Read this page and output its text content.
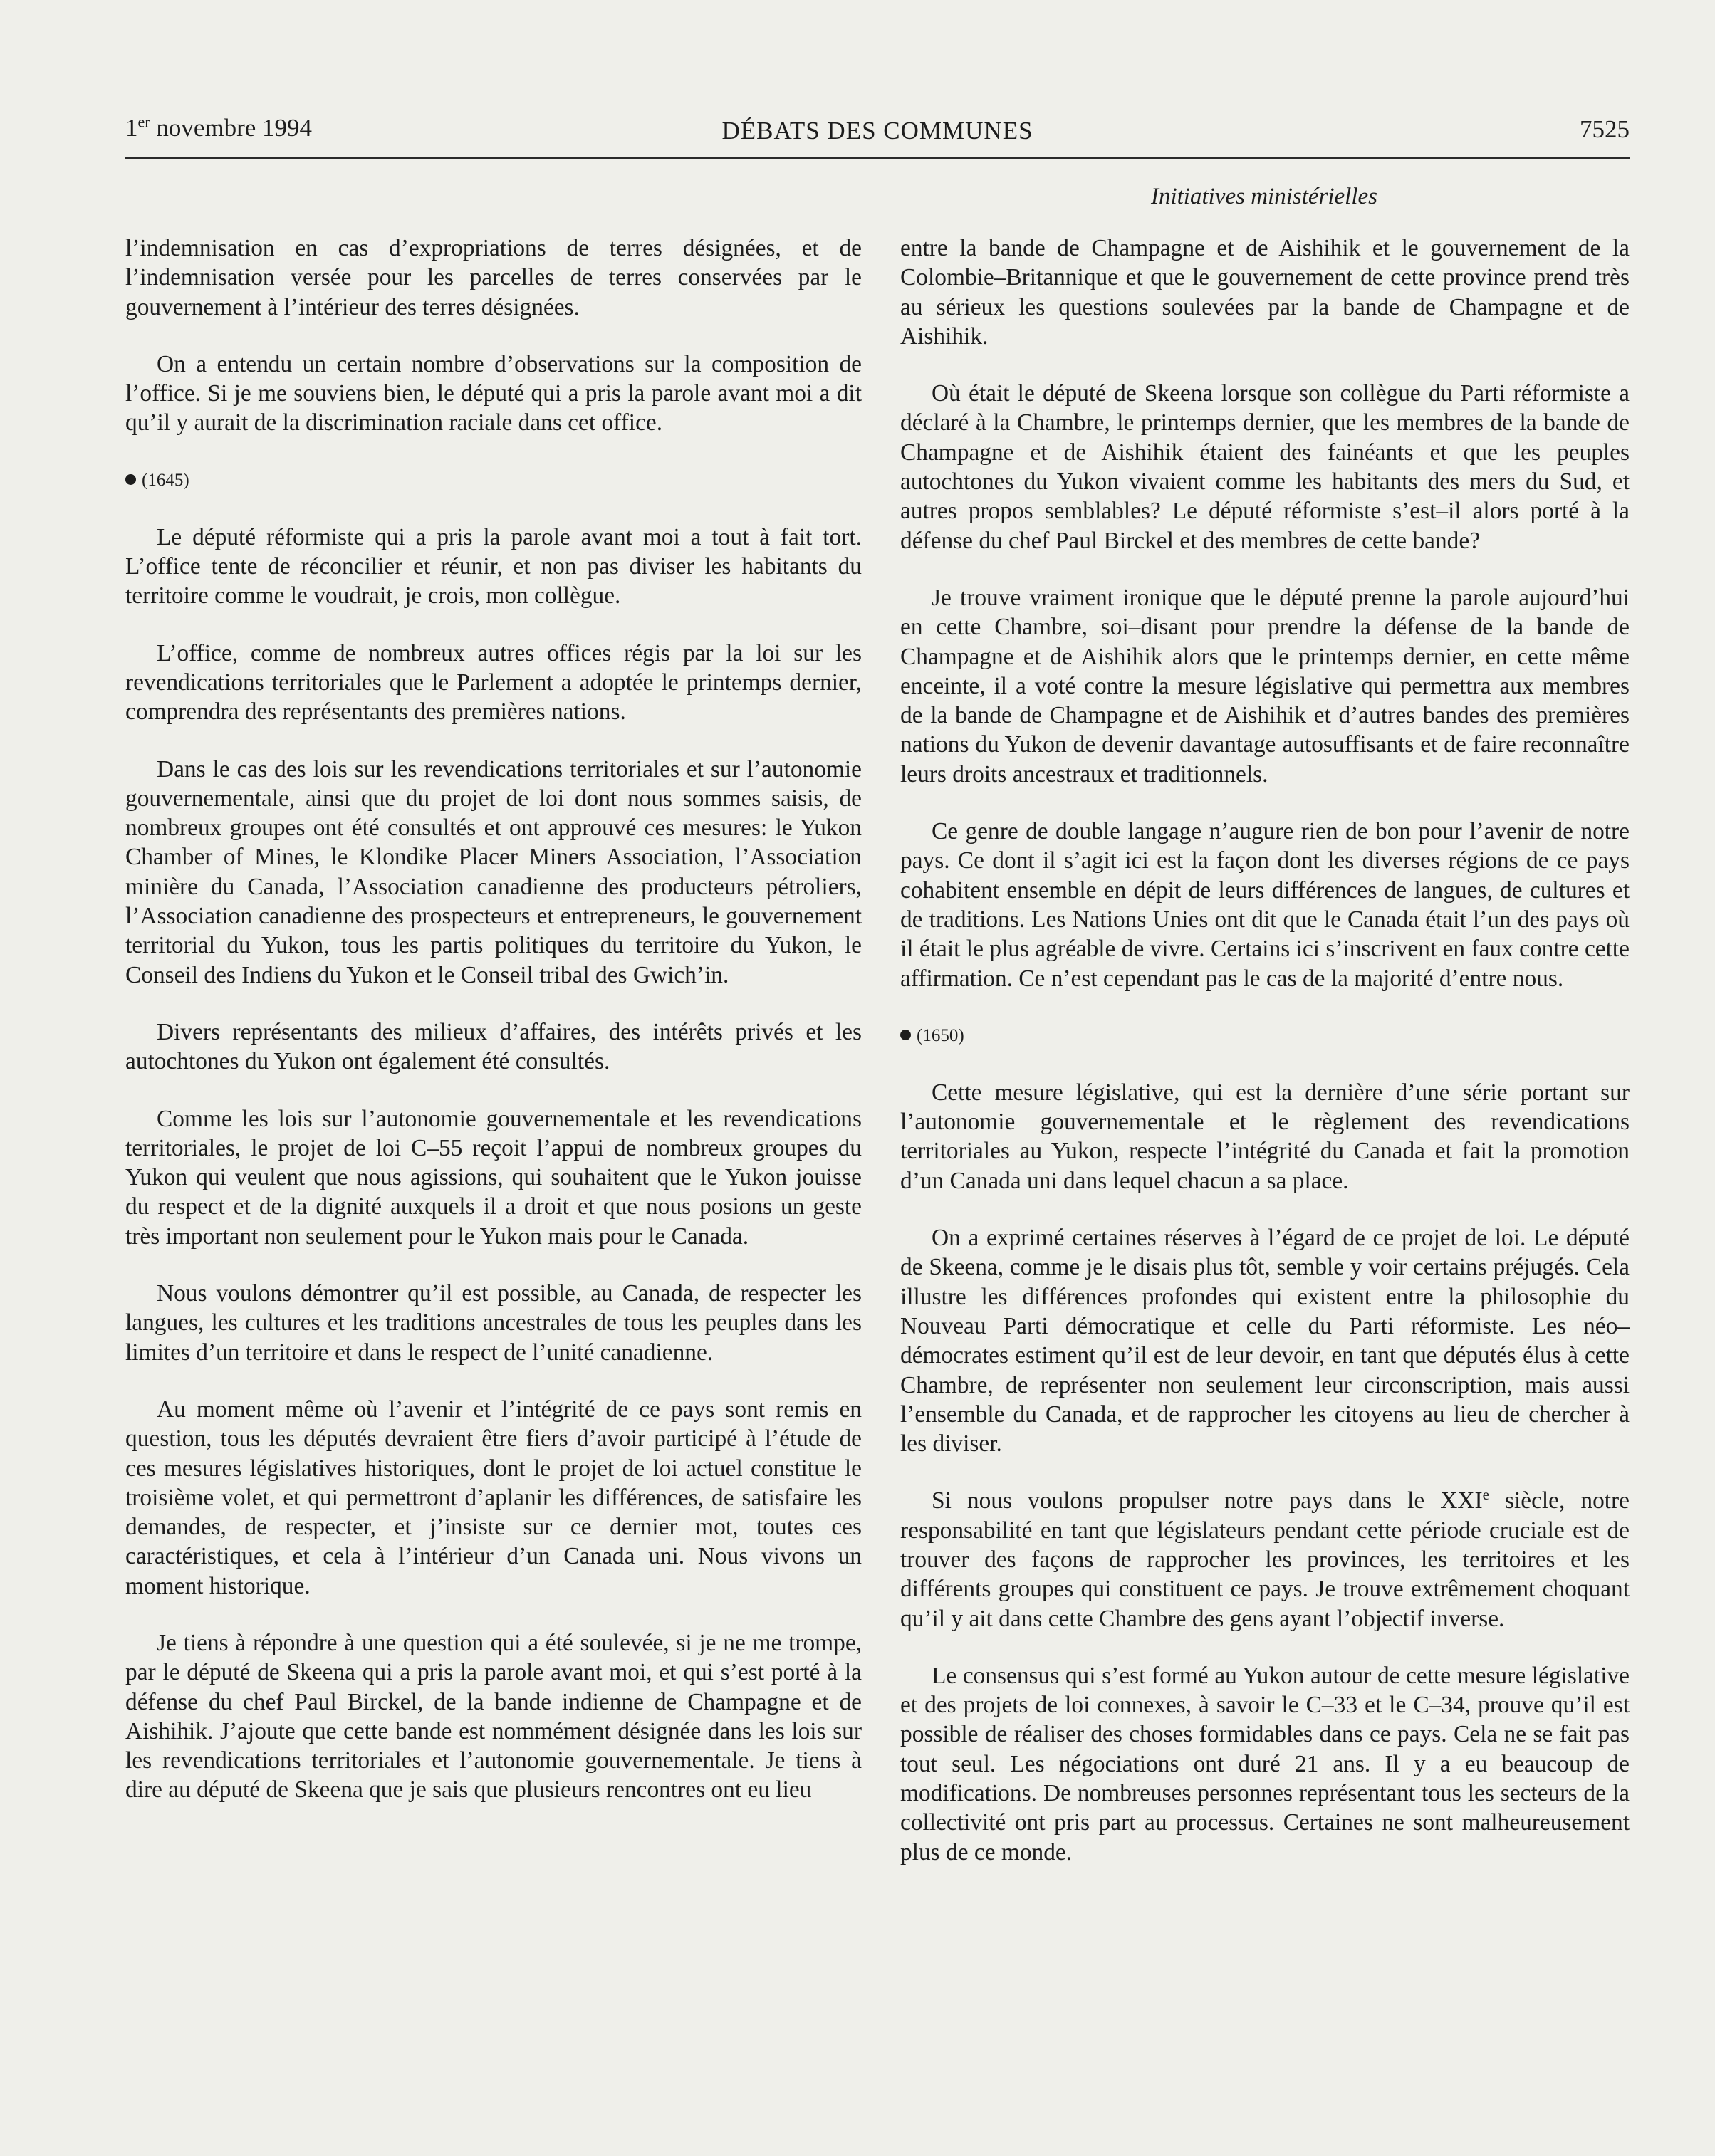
1er novembre 1994	DÉBATS DES COMMUNES	7525
Initiatives ministérielles

l’indemnisation en cas d’expropriations de terres désignées, et de l’indemnisation versée pour les parcelles de terres conservées par le gouvernement à l’intérieur des terres désignées.

On a entendu un certain nombre d’observations sur la composition de l’office. Si je me souviens bien, le député qui a pris la parole avant moi a dit qu’il y aurait de la discrimination raciale dans cet office.

(1645)

Le député réformiste qui a pris la parole avant moi a tout à fait tort. L’office tente de réconcilier et réunir, et non pas diviser les habitants du territoire comme le voudrait, je crois, mon collègue.

L’office, comme de nombreux autres offices régis par la loi sur les revendications territoriales que le Parlement a adoptée le printemps dernier, comprendra des représentants des premières nations.

Dans le cas des lois sur les revendications territoriales et sur l’autonomie gouvernementale, ainsi que du projet de loi dont nous sommes saisis, de nombreux groupes ont été consultés et ont approuvé ces mesures: le Yukon Chamber of Mines, le Klondike Placer Miners Association, l’Association minière du Canada, l’Association canadienne des producteurs pétroliers, l’Association canadienne des prospecteurs et entrepreneurs, le gouvernement territorial du Yukon, tous les partis politiques du territoire du Yukon, le Conseil des Indiens du Yukon et le Conseil tribal des Gwich’in.

Divers représentants des milieux d’affaires, des intérêts privés et les autochtones du Yukon ont également été consultés.

Comme les lois sur l’autonomie gouvernementale et les revendications territoriales, le projet de loi C–55 reçoit l’appui de nombreux groupes du Yukon qui veulent que nous agissions, qui souhaitent que le Yukon jouisse du respect et de la dignité auxquels il a droit et que nous posions un geste très important non seulement pour le Yukon mais pour le Canada.

Nous voulons démontrer qu’il est possible, au Canada, de respecter les langues, les cultures et les traditions ancestrales de tous les peuples dans les limites d’un territoire et dans le respect de l’unité canadienne.

Au moment même où l’avenir et l’intégrité de ce pays sont remis en question, tous les députés devraient être fiers d’avoir participé à l’étude de ces mesures législatives historiques, dont le projet de loi actuel constitue le troisième volet, et qui permettront d’aplanir les différences, de satisfaire les demandes, de respecter, et j’insiste sur ce dernier mot, toutes ces caractéristiques, et cela à l’intérieur d’un Canada uni. Nous vivons un moment historique.

Je tiens à répondre à une question qui a été soulevée, si je ne me trompe, par le député de Skeena qui a pris la parole avant moi, et qui s’est porté à la défense du chef Paul Birckel, de la bande indienne de Champagne et de Aishihik. J’ajoute que cette bande est nommément désignée dans les lois sur les revendications territoriales et l’autonomie gouvernementale. Je tiens à dire au député de Skeena que je sais que plusieurs rencontres ont eu lieu

entre la bande de Champagne et de Aishihik et le gouvernement de la Colombie–Britannique et que le gouvernement de cette province prend très au sérieux les questions soulevées par la bande de Champagne et de Aishihik.

Où était le député de Skeena lorsque son collègue du Parti réformiste a déclaré à la Chambre, le printemps dernier, que les membres de la bande de Champagne et de Aishihik étaient des fainéants et que les peuples autochtones du Yukon vivaient comme les habitants des mers du Sud, et autres propos semblables? Le député réformiste s’est–il alors porté à la défense du chef Paul Birckel et des membres de cette bande?

Je trouve vraiment ironique que le député prenne la parole aujourd’hui en cette Chambre, soi–disant pour prendre la défense de la bande de Champagne et de Aishihik alors que le printemps dernier, en cette même enceinte, il a voté contre la mesure législative qui permettra aux membres de la bande de Champagne et de Aishihik et d’autres bandes des premières nations du Yukon de devenir davantage autosuffisants et de faire reconnaître leurs droits ancestraux et traditionnels.

Ce genre de double langage n’augure rien de bon pour l’avenir de notre pays. Ce dont il s’agit ici est la façon dont les diverses régions de ce pays cohabitent ensemble en dépit de leurs différences de langues, de cultures et de traditions. Les Nations Unies ont dit que le Canada était l’un des pays où il était le plus agréable de vivre. Certains ici s’inscrivent en faux contre cette affirmation. Ce n’est cependant pas le cas de la majorité d’entre nous.

(1650)

Cette mesure législative, qui est la dernière d’une série portant sur l’autonomie gouvernementale et le règlement des revendications territoriales au Yukon, respecte l’intégrité du Canada et fait la promotion d’un Canada uni dans lequel chacun a sa place.

On a exprimé certaines réserves à l’égard de ce projet de loi. Le député de Skeena, comme je le disais plus tôt, semble y voir certains préjugés. Cela illustre les différences profondes qui existent entre la philosophie du Nouveau Parti démocratique et celle du Parti réformiste. Les néo–démocrates estiment qu’il est de leur devoir, en tant que députés élus à cette Chambre, de représenter non seulement leur circonscription, mais aussi l’ensemble du Canada, et de rapprocher les citoyens au lieu de chercher à les diviser.

Si nous voulons propulser notre pays dans le XXIe siècle, notre responsabilité en tant que législateurs pendant cette période cruciale est de trouver des façons de rapprocher les provinces, les territoires et les différents groupes qui constituent ce pays. Je trouve extrêmement choquant qu’il y ait dans cette Chambre des gens ayant l’objectif inverse.

Le consensus qui s’est formé au Yukon autour de cette mesure législative et des projets de loi connexes, à savoir le C–33 et le C–34, prouve qu’il est possible de réaliser des choses formidables dans ce pays. Cela ne se fait pas tout seul. Les négociations ont duré 21 ans. Il y a eu beaucoup de modifications. De nombreuses personnes représentant tous les secteurs de la collectivité ont pris part au processus. Certaines ne sont malheureusement plus de ce monde.
